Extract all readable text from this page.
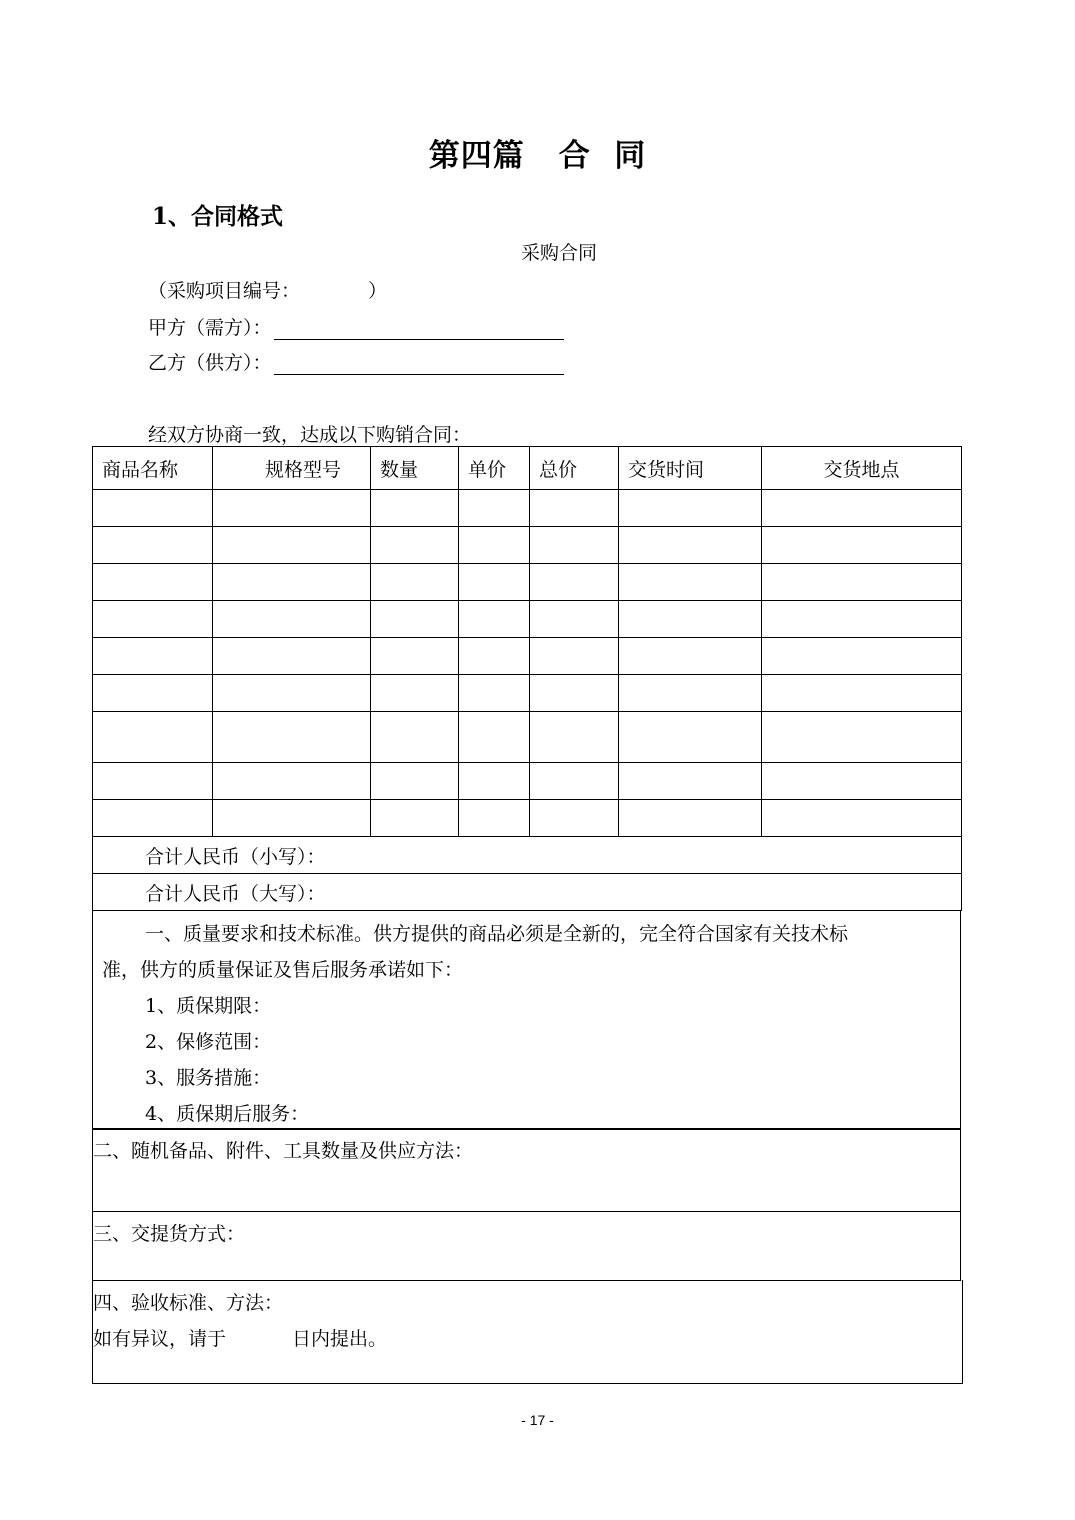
第四篇 合 同
1、合同格式
采购合同
（采购项目编号：	）
甲方（需方）：
乙方（供方）：
经双方协商一致，达成以下购销合同：
商品名称	规格型号	数量	单价	总价	交货时间	交货地点

合计人民币（小写）：						
合计人民币（大写）：						

一、质量要求和技术标准。供方提供的商品必须是全新的，完全符合国家有关技术标

准，供方的质量保证及售后服务承诺如下：

1、质保期限：

2、保修范围：

3、服务措施：

4、质保期后服务：

二、随机备品、附件、工具数量及供应方法：

三、交提货方式：

四、验收标准、方法：

如有异议，请于	日内提出。

- 17 -
